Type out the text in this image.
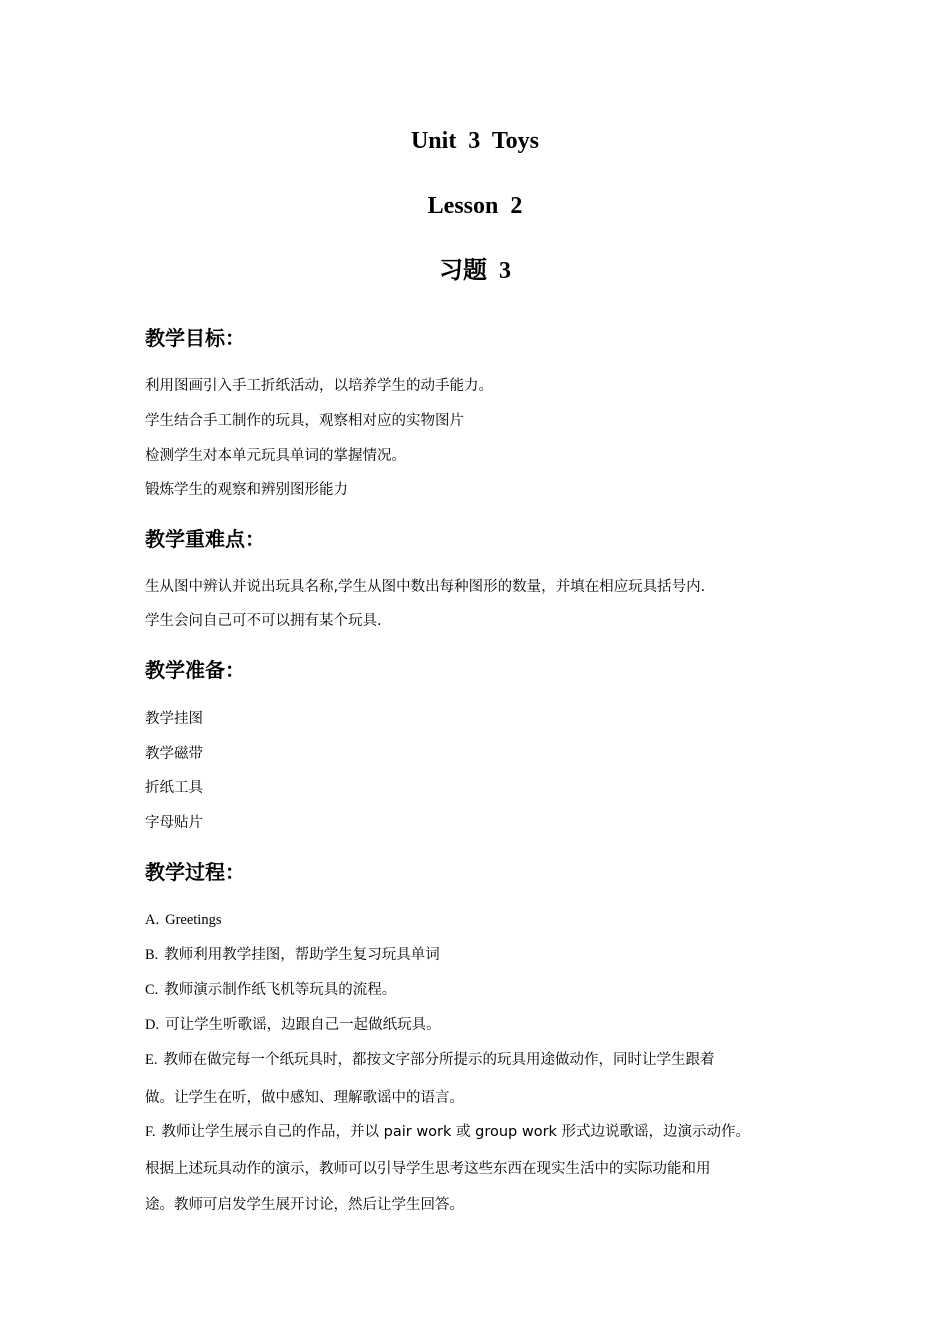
Unit 3 Toys
Lesson 2
习题 3
教学目标：
利用图画引入手工折纸活动，以培养学生的动手能力。
学生结合手工制作的玩具，观察相对应的实物图片
检测学生对本单元玩具单词的掌握情况。
锻炼学生的观察和辨别图形能力
教学重难点：
生从图中辨认并说出玩具名称,学生从图中数出每种图形的数量，并填在相应玩具括号内.
学生会问自己可不可以拥有某个玩具.
教学准备：
教学挂图
教学磁带
折纸工具
字母贴片
教学过程：
A. Greetings
B. 教师利用教学挂图，帮助学生复习玩具单词
C. 教师演示制作纸飞机等玩具的流程。
D. 可让学生听歌谣，边跟自己一起做纸玩具。
E. 教师在做完每一个纸玩具时，都按文字部分所提示的玩具用途做动作，同时让学生跟着
做。让学生在听，做中感知、理解歌谣中的语言。
F. 教师让学生展示自己的作品，并以 pair work 或 group work 形式边说歌谣，边演示动作。
根据上述玩具动作的演示，教师可以引导学生思考这些东西在现实生活中的实际功能和用
途。教师可启发学生展开讨论，然后让学生回答。
